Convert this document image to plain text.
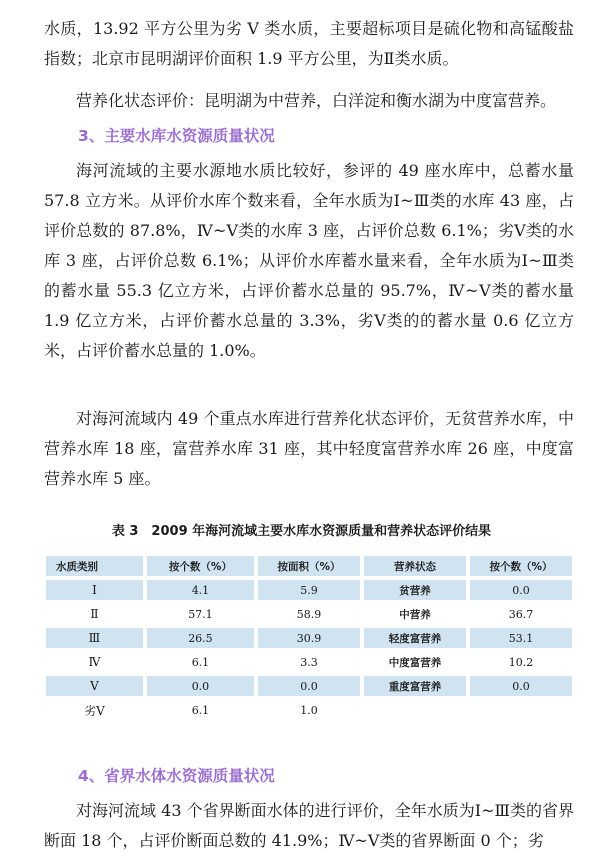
水质，13.92 平方公里为劣 V 类水质，主要超标项目是硫化物和高锰酸盐指数；北京市昆明湖评价面积 1.9 平方公里，为Ⅱ类水质。

营养化状态评价：昆明湖为中营养，白洋淀和衡水湖为中度富营养。

3、主要水库水资源质量状况

海河流域的主要水源地水质比较好，参评的 49 座水库中，总蓄水量 57.8 立方米。从评价水库个数来看，全年水质为Ⅰ~Ⅲ类的水库 43 座，占评价总数的 87.8%，Ⅳ~Ⅴ类的水库 3 座，占评价总数 6.1%；劣Ⅴ类的水库 3 座，占评价总数 6.1%；从评价水库蓄水量来看，全年水质为Ⅰ~Ⅲ类的蓄水量 55.3 亿立方米，占评价蓄水总量的 95.7%，Ⅳ~Ⅴ类的蓄水量 1.9 亿立方米，占评价蓄水总量的 3.3%，劣Ⅴ类的的蓄水量 0.6 亿立方米，占评价蓄水总量的 1.0%。

对海河流域内 49 个重点水库进行营养化状态评价，无贫营养水库，中营养水库 18 座，富营养水库 31 座，其中轻度富营养水库 26 座，中度富营养水库 5 座。

表 3　2009 年海河流域主要水库水资源质量和营养状态评价结果

水质类别	按个数（%）	按面积（%）	营养状态	按个数（%）
Ⅰ	4.1	5.9	贫营养	0.0
Ⅱ	57.1	58.9	中营养	36.7
Ⅲ	26.5	30.9	轻度富营养	53.1
Ⅳ	6.1	3.3	中度富营养	10.2
Ⅴ	0.0	0.0	重度富营养	0.0
劣Ⅴ	6.1	1.0		
4、省界水体水资源质量状况

对海河流域 43 个省界断面水体的进行评价，全年水质为Ⅰ~Ⅲ类的省界断面 18 个，占评价断面总数的 41.9%；Ⅳ~Ⅴ类的省界断面 0 个；劣
